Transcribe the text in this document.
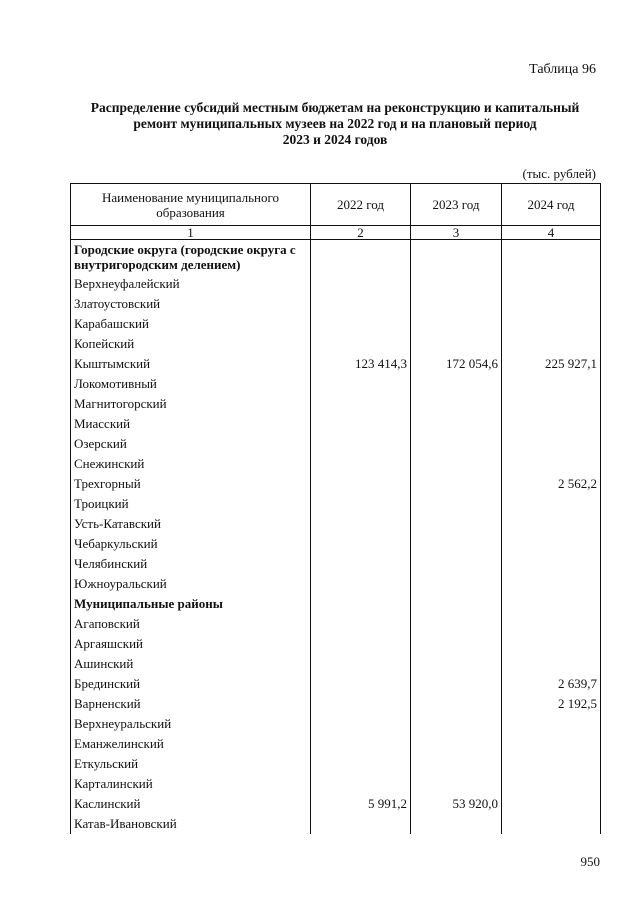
Таблица 96
Распределение субсидий местным бюджетам на реконструкцию и капитальный
ремонт муниципальных музеев на 2022 год и на плановый период
2023 и 2024 годов
(тыс. рублей)
Наименование муниципального образования	2022 год	2023 год	2024 год
1	2	3	4
Городские округа (городские округа с внутригородским делением)			
Верхнеуфалейский			
Златоустовский			
Карабашский			
Копейский			
Кыштымский	123 414,3	172 054,6	225 927,1
Локомотивный			
Магнитогорский			
Миасский			
Озерский			
Снежинский			
Трехгорный			2 562,2
Троицкий			
Усть-Катавский			
Чебаркульский			
Челябинский			
Южноуральский			
Муниципальные районы			
Агаповский			
Аргаяшский			
Ашинский			
Брединский			2 639,7
Варненский			2 192,5
Верхнеуральский			
Еманжелинский			
Еткульский			
Карталинский			
Каслинский	5 991,2	53 920,0	
Катав-Ивановский			
950
